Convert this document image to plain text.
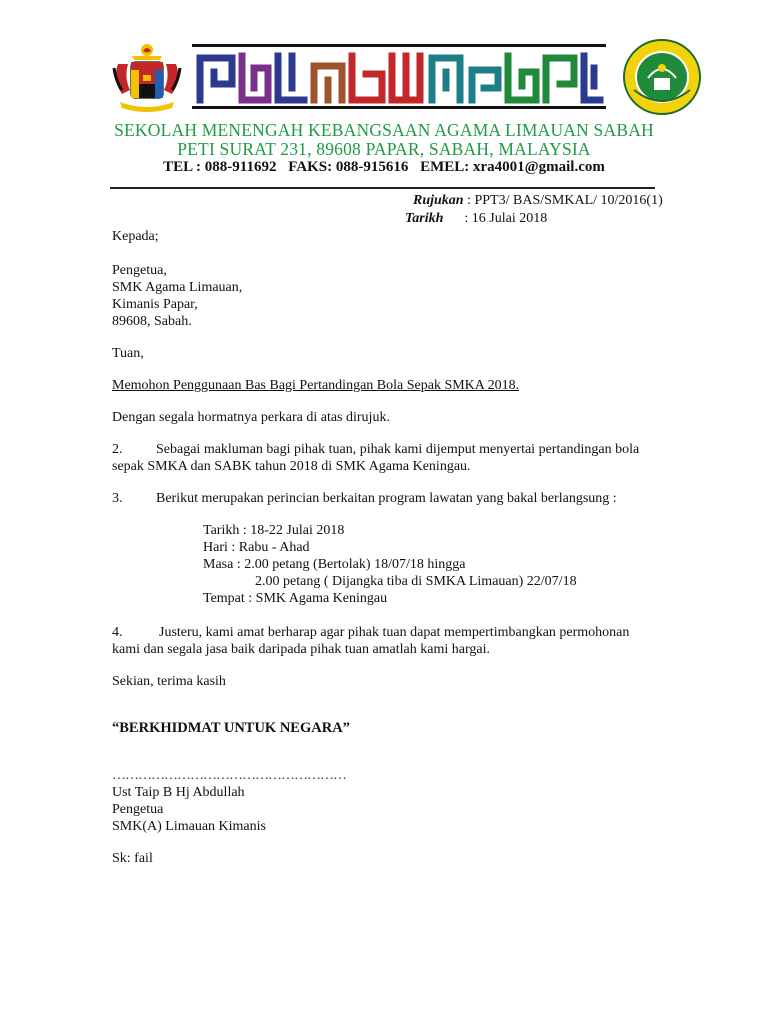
SEKOLAH MENENGAH KEBANGSAAN AGAMA LIMAUAN SABAH
PETI SURAT 231, 89608 PAPAR, SABAH, MALAYSIA
TEL : 088-911692 FAKS: 088-915616 EMEL: xra4001@gmail.com
Rujukan : PPT3/ BAS/SMKAL/ 10/2016(1)
Tarikh : 16 Julai 2018
Kepada;
Pengetua,
SMK Agama Limauan,
Kimanis Papar,
89608, Sabah.
Tuan,
Memohon Penggunaan Bas Bagi Pertandingan Bola Sepak SMKA 2018.
Dengan segala hormatnya perkara di atas dirujuk.
2. Sebagai makluman bagi pihak tuan, pihak kami dijemput menyertai pertandingan bola
sepak SMKA dan SABK tahun 2018 di SMK Agama Keningau.
3. Berikut merupakan perincian berkaitan program lawatan yang bakal berlangsung :
Tarikh : 18-22 Julai 2018
Hari : Rabu - Ahad
Masa : 2.00 petang (Bertolak) 18/07/18 hingga
2.00 petang ( Dijangka tiba di SMKA Limauan) 22/07/18
Tempat : SMK Agama Keningau
4.	Justeru, kami amat berharap agar pihak tuan dapat mempertimbangkan permohonan
kami dan segala jasa baik daripada pihak tuan amatlah kami hargai.
Sekian, terima kasih
“BERKHIDMAT UNTUK NEGARA”
………………………………………………
Ust Taip B Hj Abdullah
Pengetua
SMK(A) Limauan Kimanis
Sk: fail
